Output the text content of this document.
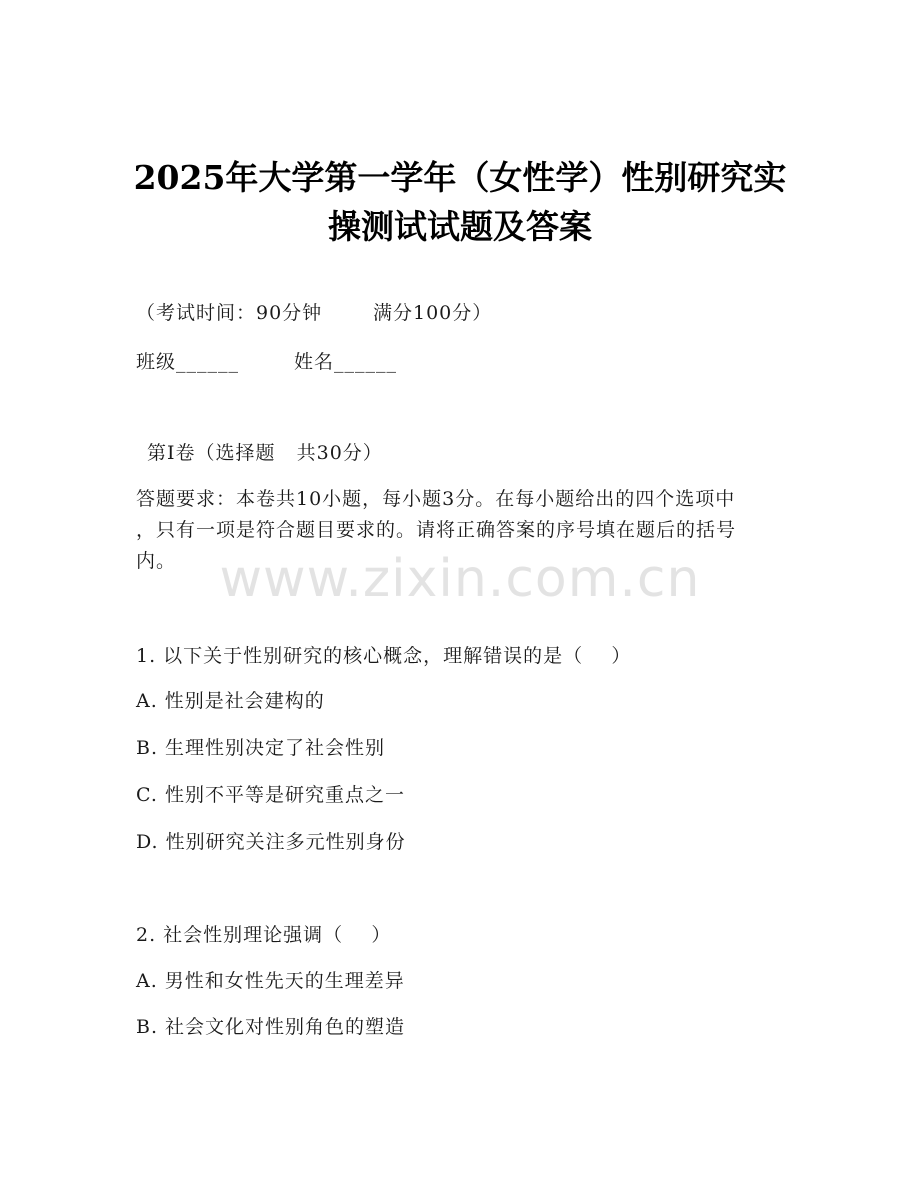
2025年大学第一学年（女性学）性别研究实
操测试试题及答案
（考试时间：90分钟	满分100分）
班级______	姓名______
第I卷（选择题   共30分）
答题要求：本卷共10小题，每小题3分。在每小题给出的四个选项中
，只有一项是符合题目要求的。请将正确答案的序号填在题后的括号
内。 www.zixin.com.cn
1. 以下关于性别研究的核心概念，理解错误的是（    ）
A. 性别是社会建构的
B. 生理性别决定了社会性别
C. 性别不平等是研究重点之一
D. 性别研究关注多元性别身份
2. 社会性别理论强调（    ）
A. 男性和女性先天的生理差异
B. 社会文化对性别角色的塑造
